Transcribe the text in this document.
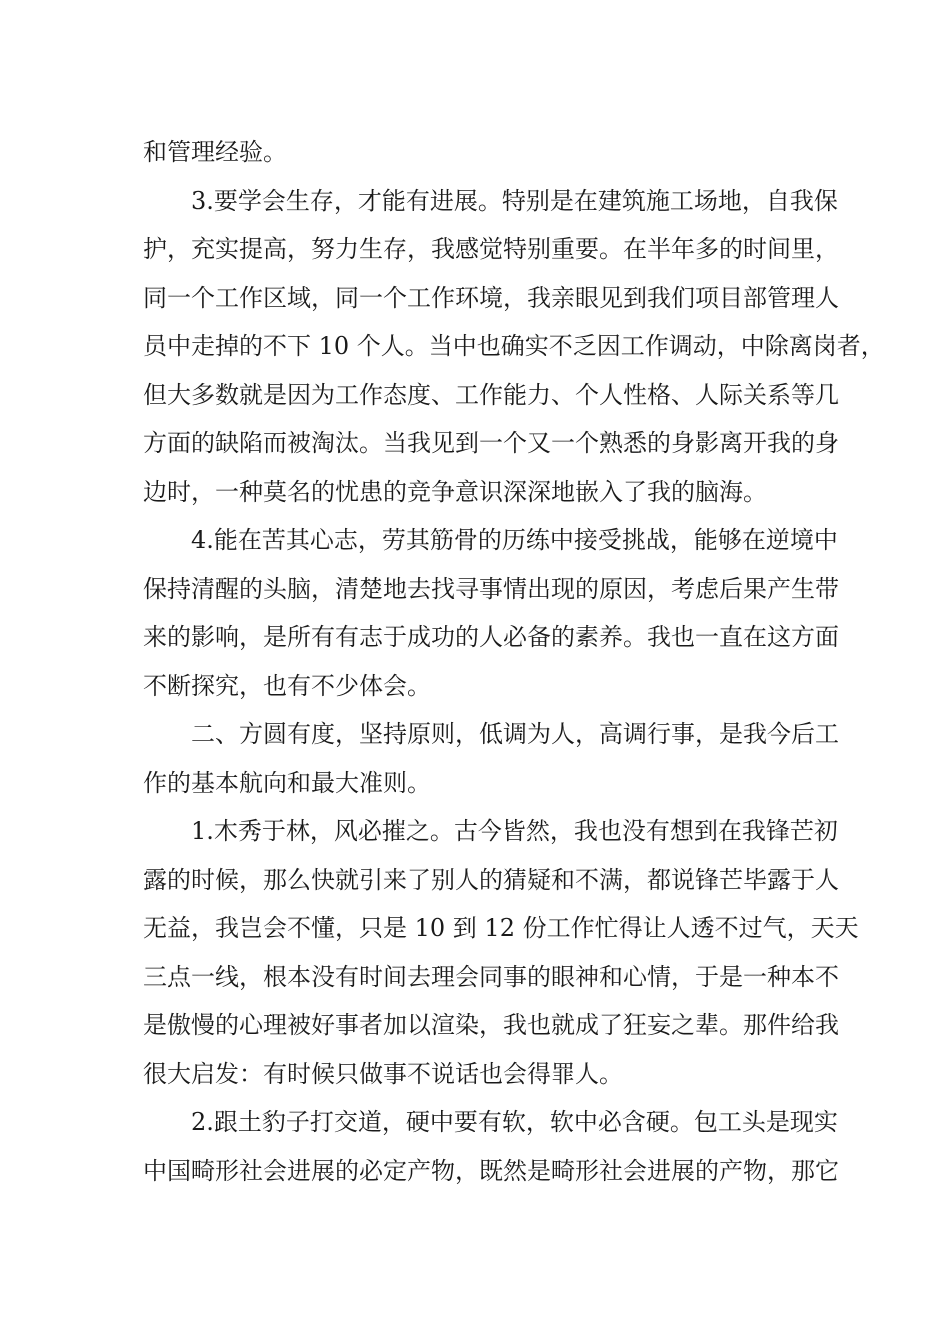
和管理经验。
3.要学会生存，才能有进展。特别是在建筑施工场地，自我保
护，充实提高，努力生存，我感觉特别重要。在半年多的时间里，
同一个工作区域，同一个工作环境，我亲眼见到我们项目部管理人
员中走掉的不下 10 个人。当中也确实不乏因工作调动，中除离岗者，
但大多数就是因为工作态度、工作能力、个人性格、人际关系等几
方面的缺陷而被淘汰。当我见到一个又一个熟悉的身影离开我的身
边时，一种莫名的忧患的竞争意识深深地嵌入了我的脑海。
4.能在苦其心志，劳其筋骨的历练中接受挑战，能够在逆境中
保持清醒的头脑，清楚地去找寻事情出现的原因，考虑后果产生带
来的影响，是所有有志于成功的人必备的素养。我也一直在这方面
不断探究，也有不少体会。
二、方圆有度，坚持原则，低调为人，高调行事，是我今后工
作的基本航向和最大准则。
1.木秀于林，风必摧之。古今皆然，我也没有想到在我锋芒初
露的时候，那么快就引来了别人的猜疑和不满，都说锋芒毕露于人
无益，我岂会不懂，只是 10 到 12 份工作忙得让人透不过气，天天
三点一线，根本没有时间去理会同事的眼神和心情，于是一种本不
是傲慢的心理被好事者加以渲染，我也就成了狂妄之辈。那件给我
很大启发：有时候只做事不说话也会得罪人。
2.跟土豹子打交道，硬中要有软，软中必含硬。包工头是现实
中国畸形社会进展的必定产物，既然是畸形社会进展的产物，那它
